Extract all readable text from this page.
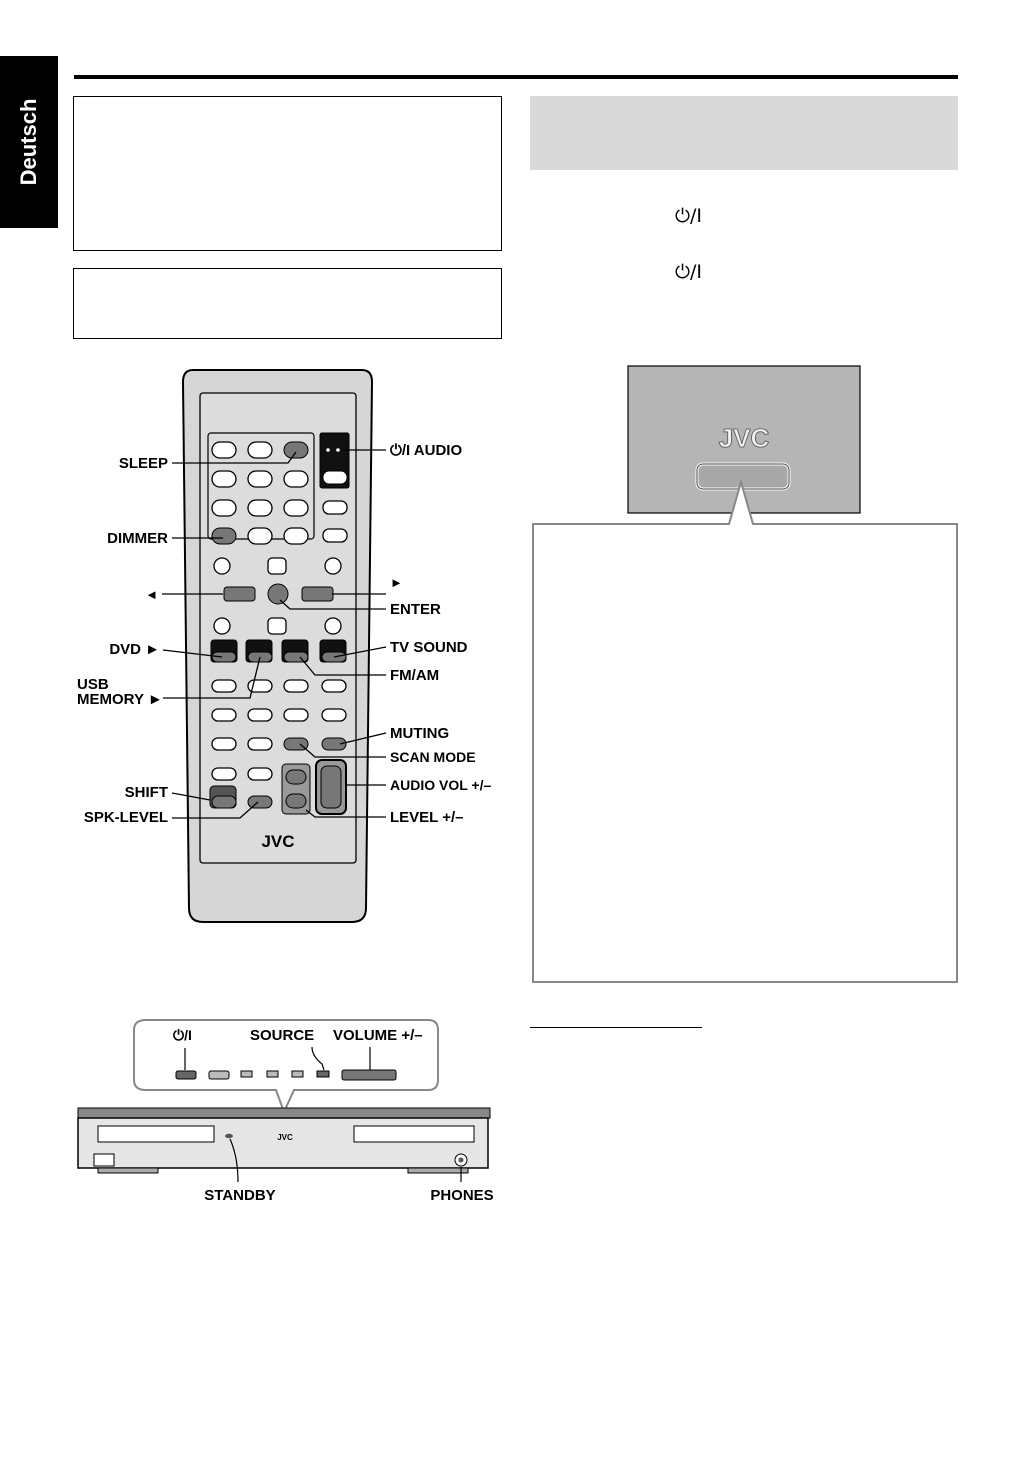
Deutsch
⏻/I
⏻/I
JVC
SLEEP
DIMMER
◄
DVD ►
USB
MEMORY ►
SHIFT
SPK-LEVEL
⏻/I AUDIO
►
ENTER
TV SOUND
FM/AM
MUTING
SCAN MODE
AUDIO VOL +/–
LEVEL +/–
JVC
⏻/I	SOURCE VOLUME +/–
JVC
STANDBY	PHONES
